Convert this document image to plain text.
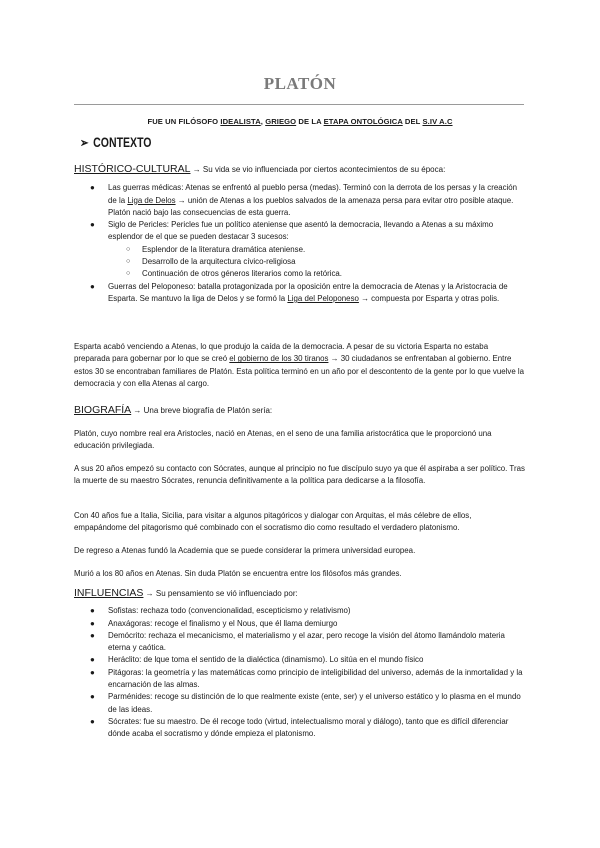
PLATÓN
FUE UN FILÓSOFO IDEALISTA, GRIEGO DE LA ETAPA ONTOLÓGICA DEL S.IV A.C
➢ CONTEXTO
HISTÓRICO-CULTURAL → Su vida se vio influenciada por ciertos acontecimientos de su época:
● Las guerras médicas: Atenas se enfrentó al pueblo persa (medas). Terminó con la derrota de los persas y la creación de la Liga de Delos → unión de Atenas a los pueblos salvados de la amenaza persa para evitar otro posible ataque. Platón nació bajo las consecuencias de esta guerra.
● Siglo de Pericles: Pericles fue un político ateniense que asentó la democracia, llevando a Atenas a su máximo esplendor de el que se pueden destacar 3 sucesos:
○ Esplendor de la literatura dramática ateniense.
○ Desarrollo de la arquitectura cívico-religiosa
○ Continuación de otros géneros literarios como la retórica.
● Guerras del Peloponeso: batalla protagonizada por la oposición entre la democracia de Atenas y la Aristocracia de Esparta. Se mantuvo la liga de Delos y se formó la Liga del Peloponeso → compuesta por Esparta y otras polis.
Esparta acabó venciendo a Atenas, lo que produjo la caída de la democracia. A pesar de su victoria Esparta no estaba preparada para gobernar por lo que se creó el gobierno de los 30 tiranos → 30 ciudadanos se enfrentaban al gobierno. Entre estos 30 se encontraban familiares de Platón. Esta política terminó en un año por el descontento de la gente por lo que vuelve la democracia y con ella Atenas al cargo.
BIOGRAFÍA → Una breve biografía de Platón sería:
Platón, cuyo nombre real era Aristocles, nació en Atenas, en el seno de una familia aristocrática que le proporcionó una educación privilegiada.
A sus 20 años empezó su contacto con Sócrates, aunque al principio no fue discípulo suyo ya que él aspiraba a ser político. Tras la muerte de su maestro Sócrates, renuncia definitivamente a la política para dedicarse a la filosofía.
Con 40 años fue a Italia, Sicilia, para visitar a algunos pitagóricos y dialogar con Arquitas, el más célebre de ellos, empapándome del pitagorismo qué combinado con el socratismo dio como resultado el verdadero platonismo.
De regreso a Atenas fundó la Academia que se puede considerar la primera universidad europea.
Murió a los 80 años en Atenas. Sin duda Platón se encuentra entre los filósofos más grandes.
INFLUENCIAS → Su pensamiento se vió influenciado por:
● Sofistas: rechaza todo (convencionalidad, escepticismo y relativismo)
● Anaxágoras: recoge el finalismo y el Nous, que él llama demiurgo
● Demócrito: rechaza el mecanicismo, el materialismo y el azar, pero recoge la visión del átomo llamándolo materia eterna y caótica.
● Heráclito: de lque toma el sentido de la dialéctica (dinamismo). Lo sitúa en el mundo físico
● Pitágoras: la geometría y las matemáticas como principio de inteligibilidad del universo, además de la inmortalidad y la encarnación de las almas.
● Parménides: recoge su distinción de lo que realmente existe (ente, ser) y el universo estático y lo plasma en el mundo de las ideas.
● Sócrates: fue su maestro. De él recoge todo (virtud, intelectualismo moral y diálogo), tanto que es difícil diferenciar dónde acaba el socratismo y dónde empieza el platonismo.
